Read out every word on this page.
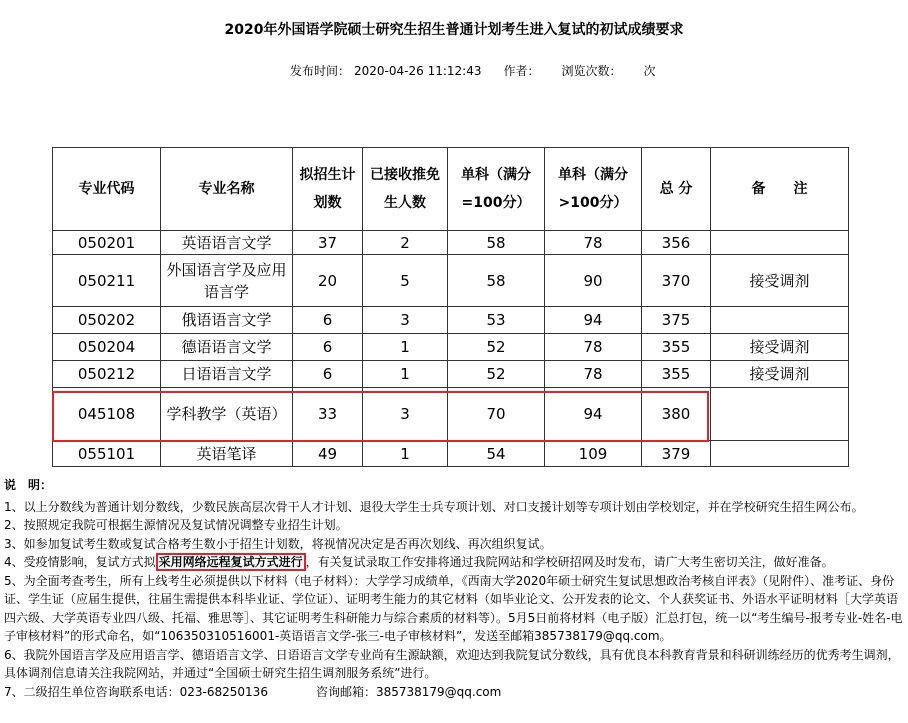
2020年外国语学院硕士研究生招生普通计划考生进入复试的初试成绩要求
发布时间： 2020-04-26 11:12:43 作者： 浏览次数： 次
专业代码	专业名称	拟招生计划数	已接收推免生人数	单科（满分=100分）	单科（满分>100分）	总 分	备　　注
050201	英语语言文学	37	2	58	78	356	
050211	外国语言学及应用语言学	20	5	58	90	370	接受调剂
050202	俄语语言文学	6	3	53	94	375	
050204	德语语言文学	6	1	52	78	355	接受调剂
050212	日语语言文学	6	1	52	78	355	接受调剂
045108	学科教学（英语）	33	3	70	94	380	
055101	英语笔译	49	1	54	109	379	

说　明：

1、以上分数线为普通计划分数线，少数民族高层次骨干人才计划、退役大学生士兵专项计划、对口支援计划等专项计划由学校划定，并在学校研究生招生网公布。

2、按照规定我院可根据生源情况及复试情况调整专业招生计划。

3、如参加复试考生数或复试合格考生数小于招生计划数，将视情况决定是否再次划线、再次组织复试。

4、受疫情影响，复试方式拟 采用网络远程复试方式进行 ，有关复试录取工作安排将通过我院网站和学校研招网及时发布，请广大考生密切关注，做好准备。

5、为全面考查考生，所有上线考生必须提供以下材料（电子材料）：大学学习成绩单，《西南大学2020年硕士研究生复试思想政治考核自评表》（见附件）、准考证、身份证、学生证（应届生提供，往届生需提供本科毕业证、学位证）、证明考生能力的其它材料（如毕业论文、公开发表的论文、个人获奖证书、外语水平证明材料［大学英语四六级、大学英语专业四八级、托福、雅思等］、其它证明考生科研能力与综合素质的材料等）。5月5日前将材料（电子版）汇总打包，统一以“考生编号-报考专业-姓名-电子审核材料”的形式命名，如“106350310516001-英语语言文学-张三-电子审核材料”，发送至邮箱385738179@qq.com。

6、我院外国语言学及应用语言学、德语语言文学、日语语言文学专业尚有生源缺额，欢迎达到我院复试分数线，具有优良本科教育背景和科研训练经历的优秀考生调剂，具体调剂信息请关注我院网站，并通过“全国硕士研究生招生调剂服务系统”进行。

7、二级招生单位咨询联系电话：023-68250136　　　　咨询邮箱：385738179@qq.com
